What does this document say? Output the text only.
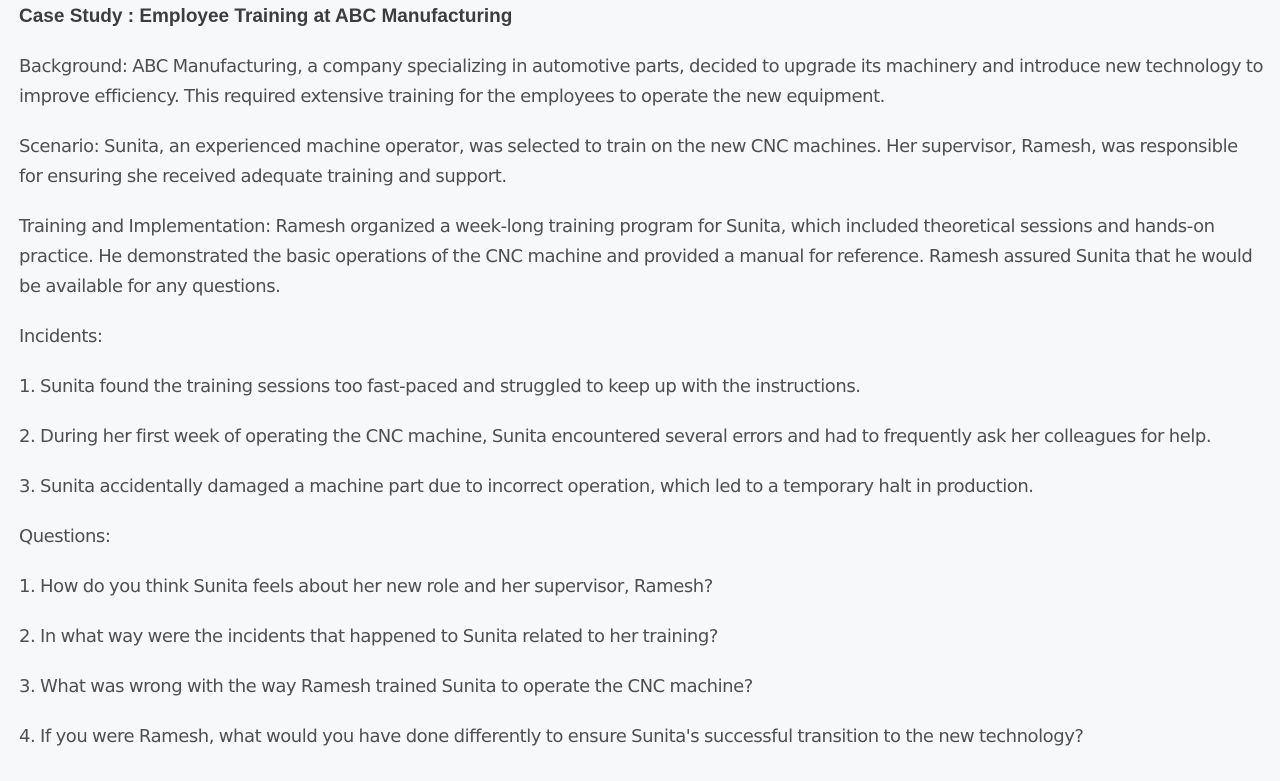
Case Study : Employee Training at ABC Manufacturing

Background: ABC Manufacturing, a company specializing in automotive parts, decided to upgrade its machinery and introduce new technology to improve efficiency. This required extensive training for the employees to operate the new equipment.

Scenario: Sunita, an experienced machine operator, was selected to train on the new CNC machines. Her supervisor, Ramesh, was responsible for ensuring she received adequate training and support.

Training and Implementation: Ramesh organized a week-long training program for Sunita, which included theoretical sessions and hands-on practice. He demonstrated the basic operations of the CNC machine and provided a manual for reference. Ramesh assured Sunita that he would be available for any questions.

Incidents:

1. Sunita found the training sessions too fast-paced and struggled to keep up with the instructions.

2. During her first week of operating the CNC machine, Sunita encountered several errors and had to frequently ask her colleagues for help.

3. Sunita accidentally damaged a machine part due to incorrect operation, which led to a temporary halt in production.

Questions:

1. How do you think Sunita feels about her new role and her supervisor, Ramesh?

2. In what way were the incidents that happened to Sunita related to her training?

3. What was wrong with the way Ramesh trained Sunita to operate the CNC machine?

4. If you were Ramesh, what would you have done differently to ensure Sunita's successful transition to the new technology?
